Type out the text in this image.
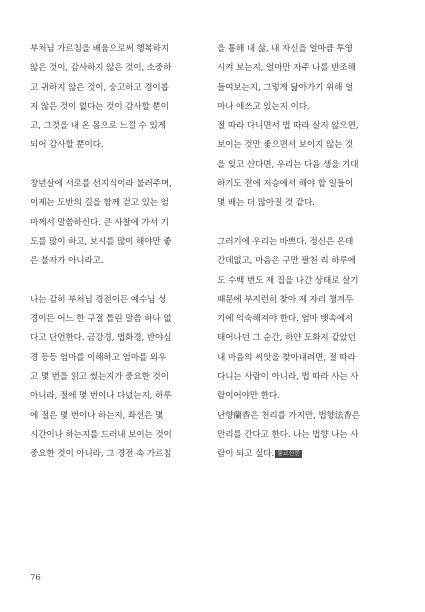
부처님 가르침을 배움으로써 행복하지
않은 것이, 감사하지 않은 것이, 소중하
고 귀하지 않은 것이, 숭고하고 경이롭
지 않은 것이 없다는 것이 감사할 뿐이
고, 그것을 내 온 몸으로 느낄 수 있게
되어 감사할 뿐이다.
창년살에 서로를 선지식이라 불러주며,
이제는 도반의 길을 함께 걷고 있는 엄
마께서 말씀하신다. 큰 사찰에 가서 기
도를 많이 하고, 보시를 많이 해야만 좋
은 불자가 아니라고.
나는 감히 부처님 경전이든 예수님 성
경이든 어느 한 구절 틀린 말씀 하나 없
다고 단언한다. 금강경, 법화경, 반야심
경 등등 엄마를 이해하고 엄마를 외우
고 몇 번을 읽고 썼는지가 중요한 것이
아니라, 절에 몇 번이나 다녔는지, 하루
에 절은 몇 번이나 하는지, 좌선은 몇
시간이나 하는지를 드러내 보이는 것이
중요한 것이 아니라, 그 경전 속 가르침
을 통해 내 삶, 내 자신을 얼마큼 투영
시켜 보는지, 얼마만 자주 나를 반조해
들여보는지, 그렇게 닮아가기 위해 얼
마나 애쓰고 있는지 이다.
절 따라 다니면서 법 따라 살지 않으면,
보이는 것만 좇으면서 보이지 않는 것
을 잊고 산다면, 우리는 다음 생을 기대
하기도 전에 저승에서 해야 할 일들이
몇 배는 더 많아질 것 같다.
그러기에 우리는 바쁘다. 정신은 온데
간데없고, 마음은 구만 팔천 리 하루에
도 수백 번도 제 집을 나간 상태로 살기
때문에 부지런히 찾아 제 자리 챙겨두
기에 익숙해져야 한다. 엄마 뱃속에서
태어나던 그 순간, 하얀 도화지 같았던
내 마음의 씨앗을 찾아내려면, 절 따라
다니는 사람이 아니라, 법 따라 사는 사
람이어야만 한다.
난향蘭香은 천리를 가지만, 법향法香은
만리를 간다고 한다. 나는 법향 나는 사
람이 되고 싶다. 불교신문
76
